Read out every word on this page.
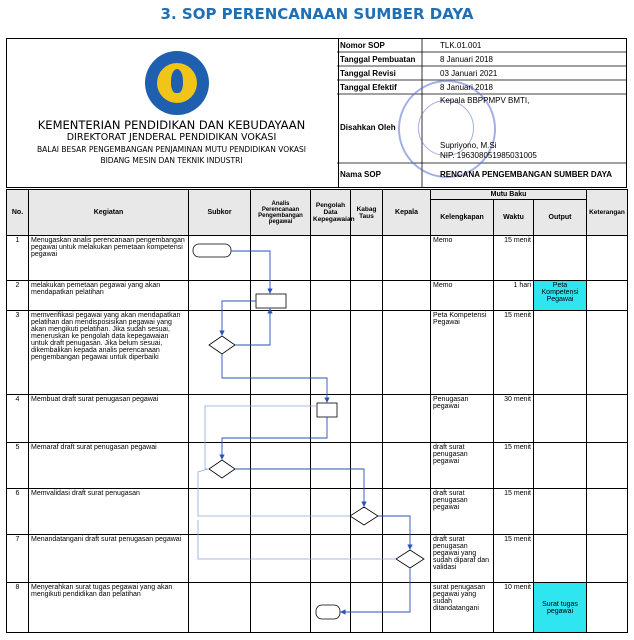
3. SOP PERENCANAAN SUMBER DAYA
KEMENTERIAN PENDIDIKAN DAN KEBUDAYAAN
DIREKTORAT JENDERAL PENDIDIKAN VOKASI
BALAI BESAR PENGEMBANGAN PENJAMINAN MUTU PENDIDIKAN VOKASI
BIDANG MESIN DAN TEKNIK INDUSTRI
Nomor SOP	TLK.01.001
Tanggal Pembuatan	8 Januari 2018
Tanggal Revisi	03 Januari 2021
Tanggal Efektif	8 Januari 2018
Disahkan Oleh
Kepala BBPPMPV BMTI,
Supriyono, M.Si
NIP. 196308051985031005
Nama SOP	RENCANA PENGEMBANGAN SUMBER DAYA
No.	Kegiatan	Subkor	Analis Perencanaan Pengembangan pegawai	Pengolah Data Kepegawaian	Kabag Taus	Kepala	Mutu Baku			Keterangan
							Kelengkapan	Waktu	Output	
1	Menugaskan analis perencanaan pengembangan pegawai untuk melakukan pemetaan kompetensi pegawai						Memo	15 menit		
2	melakukan pemetaan pegawai yang akan mendapatkan pelatihan						Memo	1 hari	Peta Kompetensi Pegawai	
3	memverifikasi pegawai yang akan mendapatkan pelatihan dan mendisposisikan pegawai yang akan mengikuti pelatihan. Jika sudah sesuai, meneruskan ke pengolah data kepegawaian untuk draft penugasan. Jika belum sesuai, dikembalikan kepada analis perencanaan pengembangan pegawai untuk diperbaiki						Peta Kompetensi Pegawai	15 menit		
4	Membuat draft surat penugasan pegawai						Penugasan pegawai	30 menit		
5	Memaraf draft surat penugasan pegawai						draft surat penugasan pegawai	15 menit		
6	Memvalidasi draft surat penugasan						draft surat penugasan pegawai	15 menit		
7	Menandatangani draft surat penugasan pegawai						draft surat penugasan pegawai yang sudah diparaf dan validasi	15 menit		
8	Menyerahkan surat tugas pegawai yang akan mengikuti pendidikan dan pelatihan						surat penugasan pegawai yang sudah ditandatangani	10 menit	Surat tugas pegawai	
